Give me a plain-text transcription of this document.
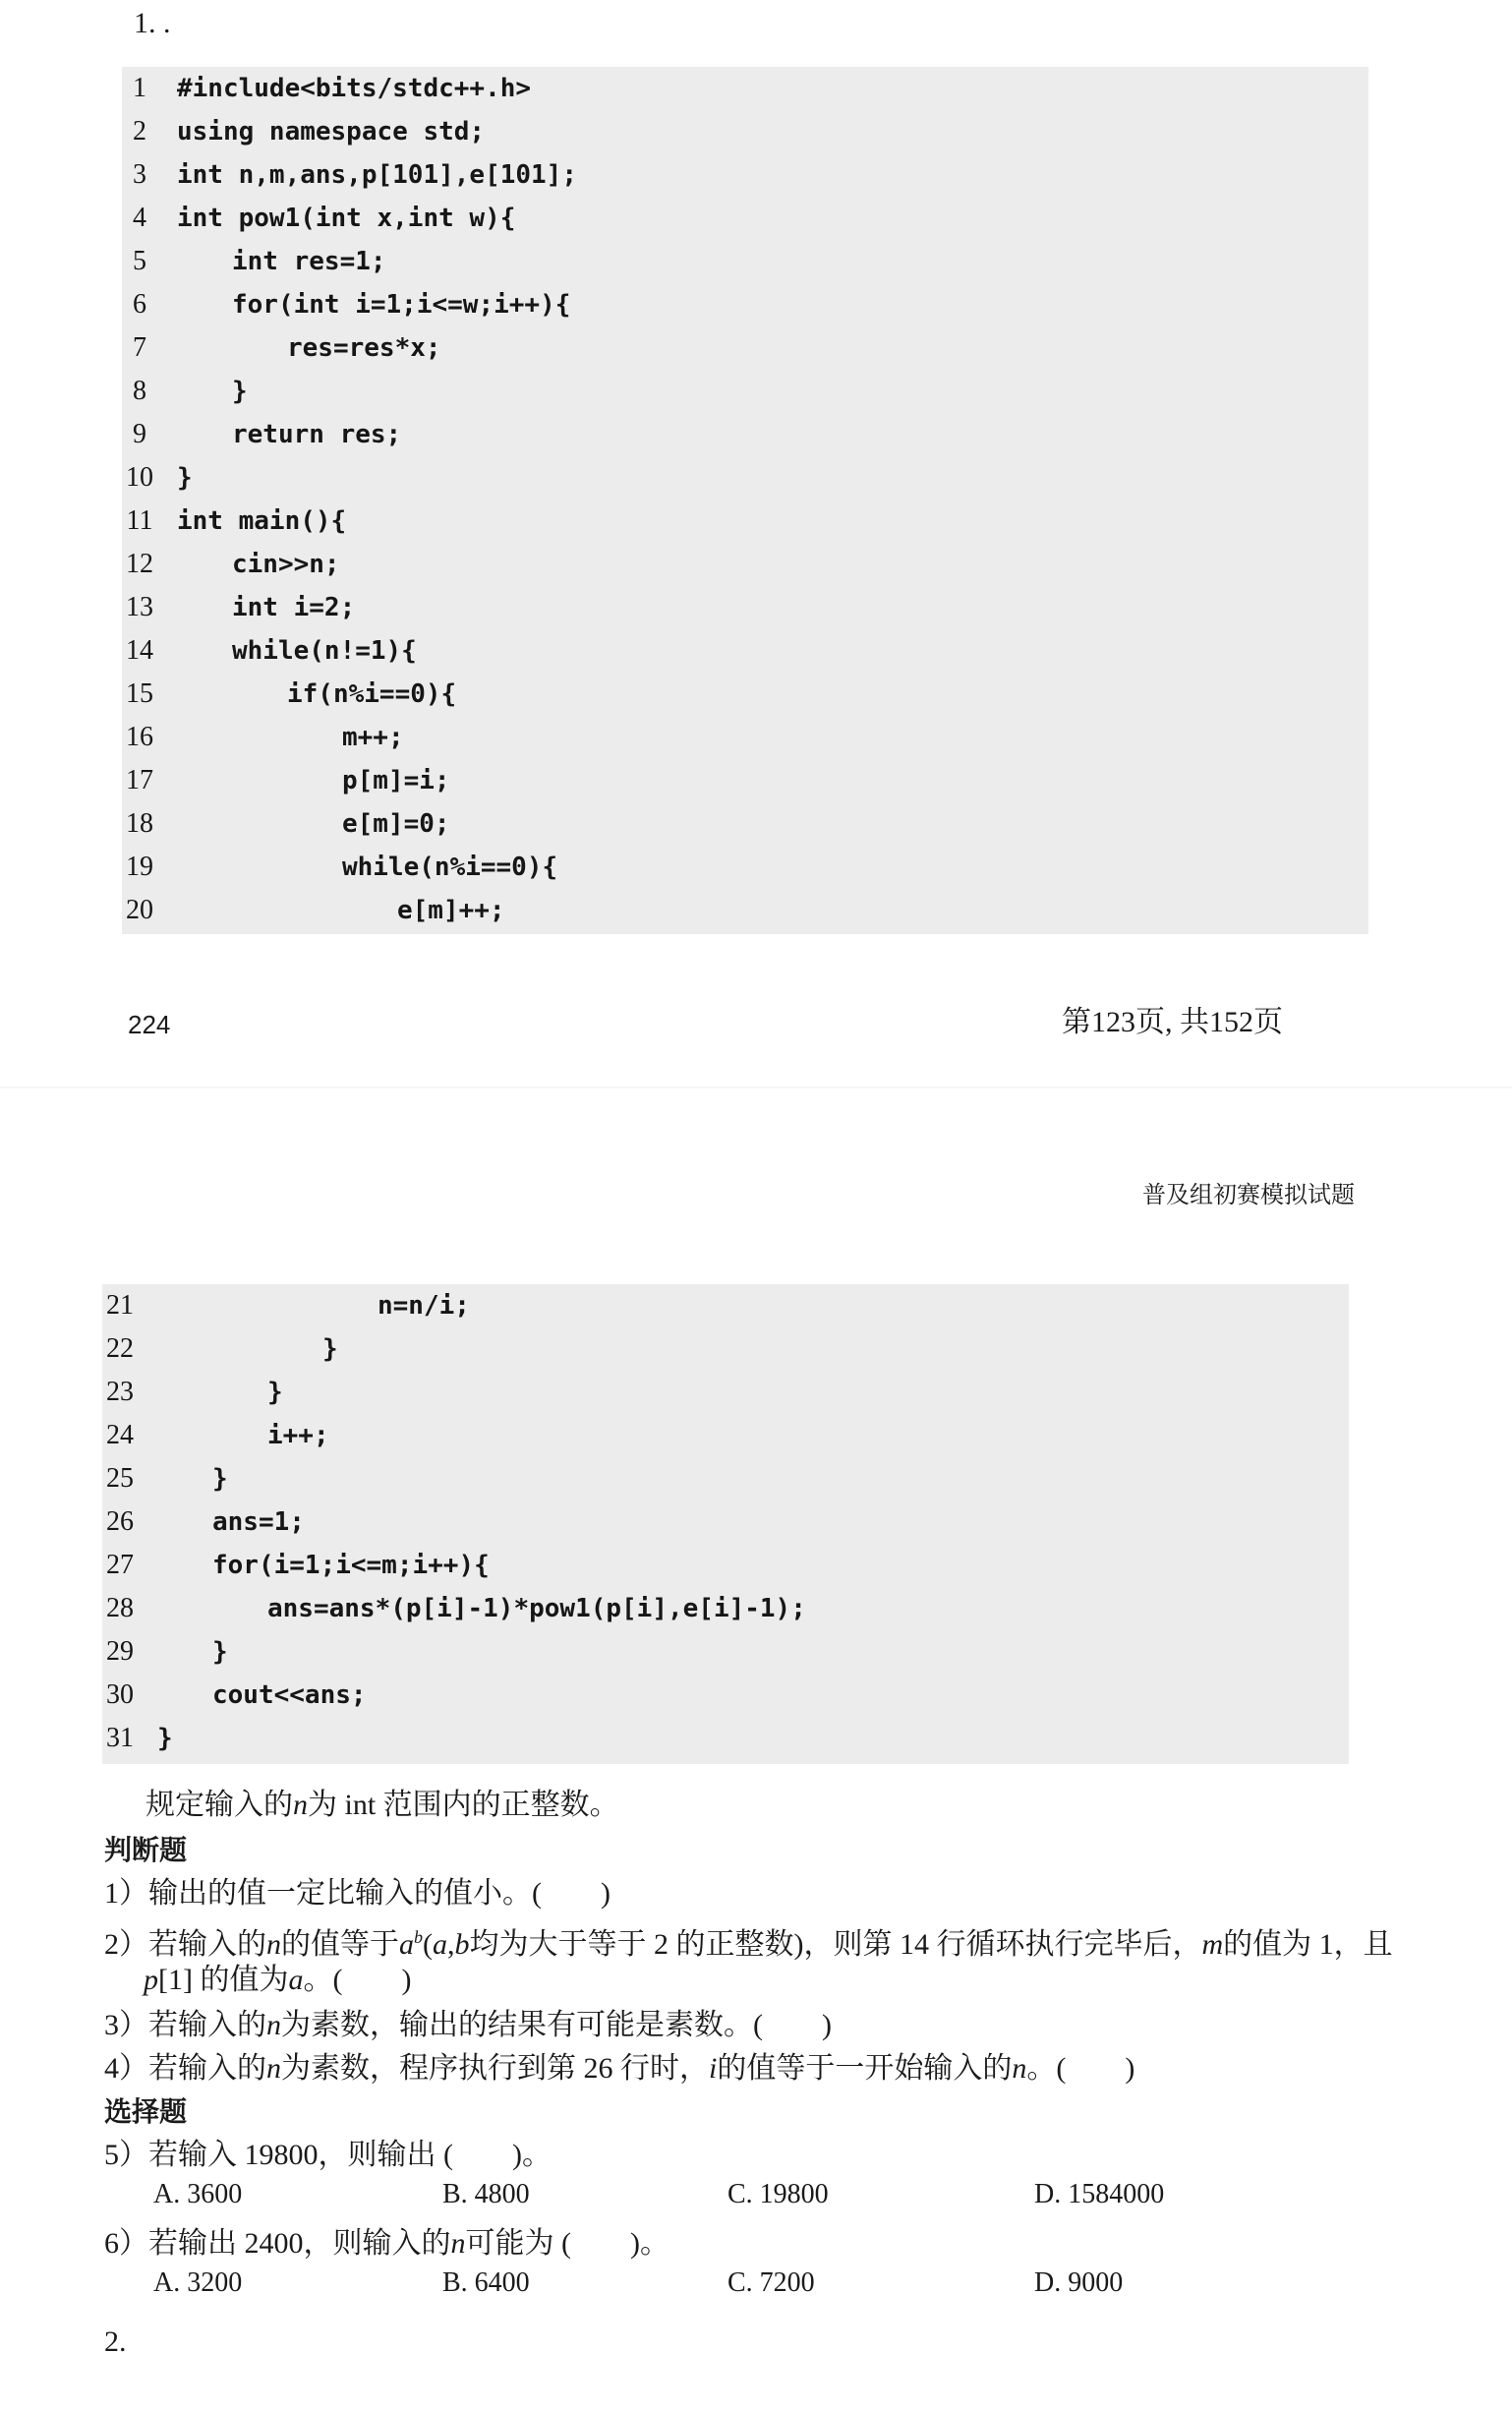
1. .
1	#include<bits/stdc++.h>
2	using namespace std;
3	int n,m,ans,p[101],e[101];
4	int pow1(int x,int w){
5	int res=1;
6	for(int i=1;i<=w;i++){
7	res=res*x;
8	}
9	return res;
10 }
11 int main(){
12	cin>>n;
13	int i=2;
14	while(n!=1){
15	if(n%i==0){
16	m++;
17	p[m]=i;
18	e[m]=0;
19	while(n%i==0){
20	e[m]++;
224	第123页, 共152页
普及组初赛模拟试题
21	n=n/i;
22	}
23	}
24	i++;
25	}
26	ans=1;
27	for(i=1;i<=m;i++){
28	ans=ans*(p[i]-1)*pow1(p[i],e[i]-1);
29	}
30	cout<<ans;
31 }
规定输入的n为 int 范围内的正整数。
判断题
1）输出的值一定比输入的值小。(　　)
2）若输入的n的值等于$a^b(a,b$均为大于等于 2 的正整数)，则第 14 行循环执行完毕后，m的值为 1，且
p[1] 的值为a。(　　)
3）若输入的n为素数，输出的结果有可能是素数。(　　)
4）若输入的n为素数，程序执行到第 26 行时，i的值等于一开始输入的n。(　　)
选择题
5）若输入 19800，则输出 (　　)。
A. 3600	B. 4800	C. 19800	D. 1584000
6）若输出 2400，则输入的n可能为 (　　)。
A. 3200	B. 6400	C. 7200	D. 9000
2.
